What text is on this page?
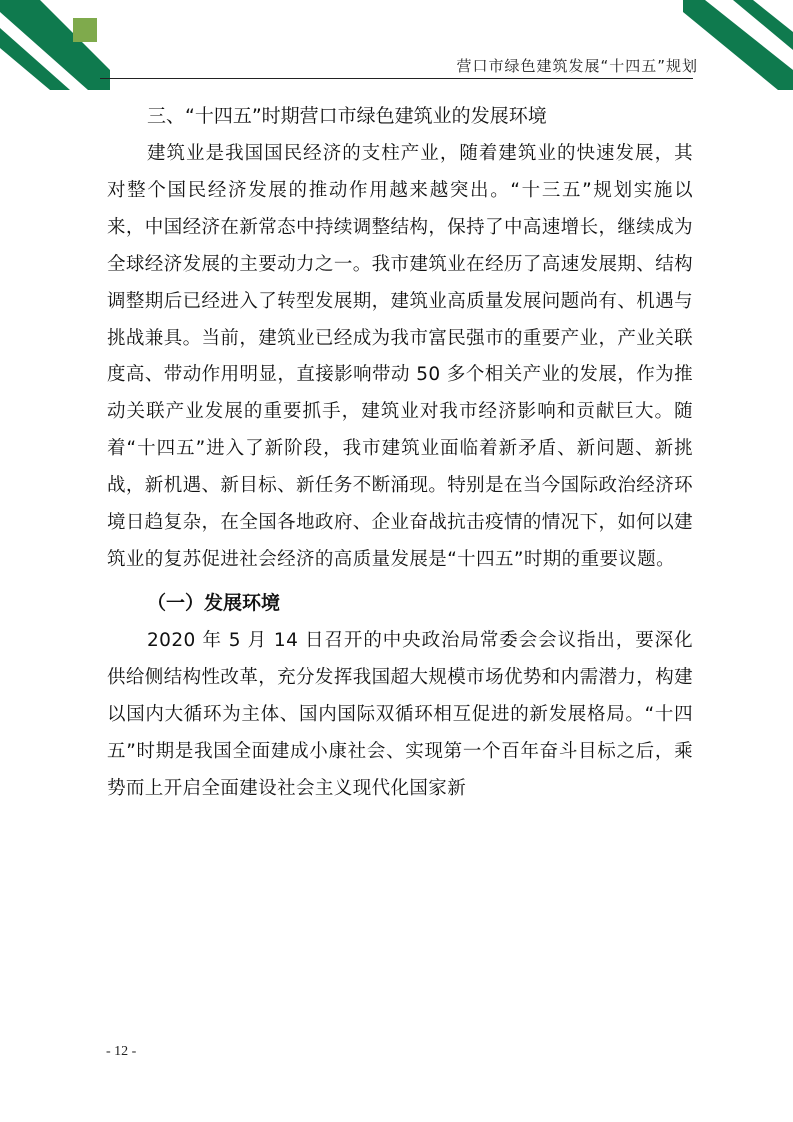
营口市绿色建筑发展“十四五”规划
三、“十四五”时期营口市绿色建筑业的发展环境

建筑业是我国国民经济的支柱产业，随着建筑业的快速发展，其对整个国民经济发展的推动作用越来越突出。“十三五”规划实施以来，中国经济在新常态中持续调整结构，保持了中高速增长，继续成为全球经济发展的主要动力之一。我市建筑业在经历了高速发展期、结构调整期后已经进入了转型发展期，建筑业高质量发展问题尚有、机遇与挑战兼具。当前，建筑业已经成为我市富民强市的重要产业，产业关联度高、带动作用明显，直接影响带动 50 多个相关产业的发展，作为推动关联产业发展的重要抓手，建筑业对我市经济影响和贡献巨大。随着“十四五”进入了新阶段，我市建筑业面临着新矛盾、新问题、新挑战，新机遇、新目标、新任务不断涌现。特别是在当今国际政治经济环境日趋复杂，在全国各地政府、企业奋战抗击疫情的情况下，如何以建筑业的复苏促进社会经济的高质量发展是“十四五”时期的重要议题。

（一）发展环境

2020 年 5 月 14 日召开的中央政治局常委会会议指出，要深化供给侧结构性改革，充分发挥我国超大规模市场优势和内需潜力，构建以国内大循环为主体、国内国际双循环相互促进的新发展格局。“十四五”时期是我国全面建成小康社会、实现第一个百年奋斗目标之后，乘势而上开启全面建设社会主义现代化国家新

- 12 -
